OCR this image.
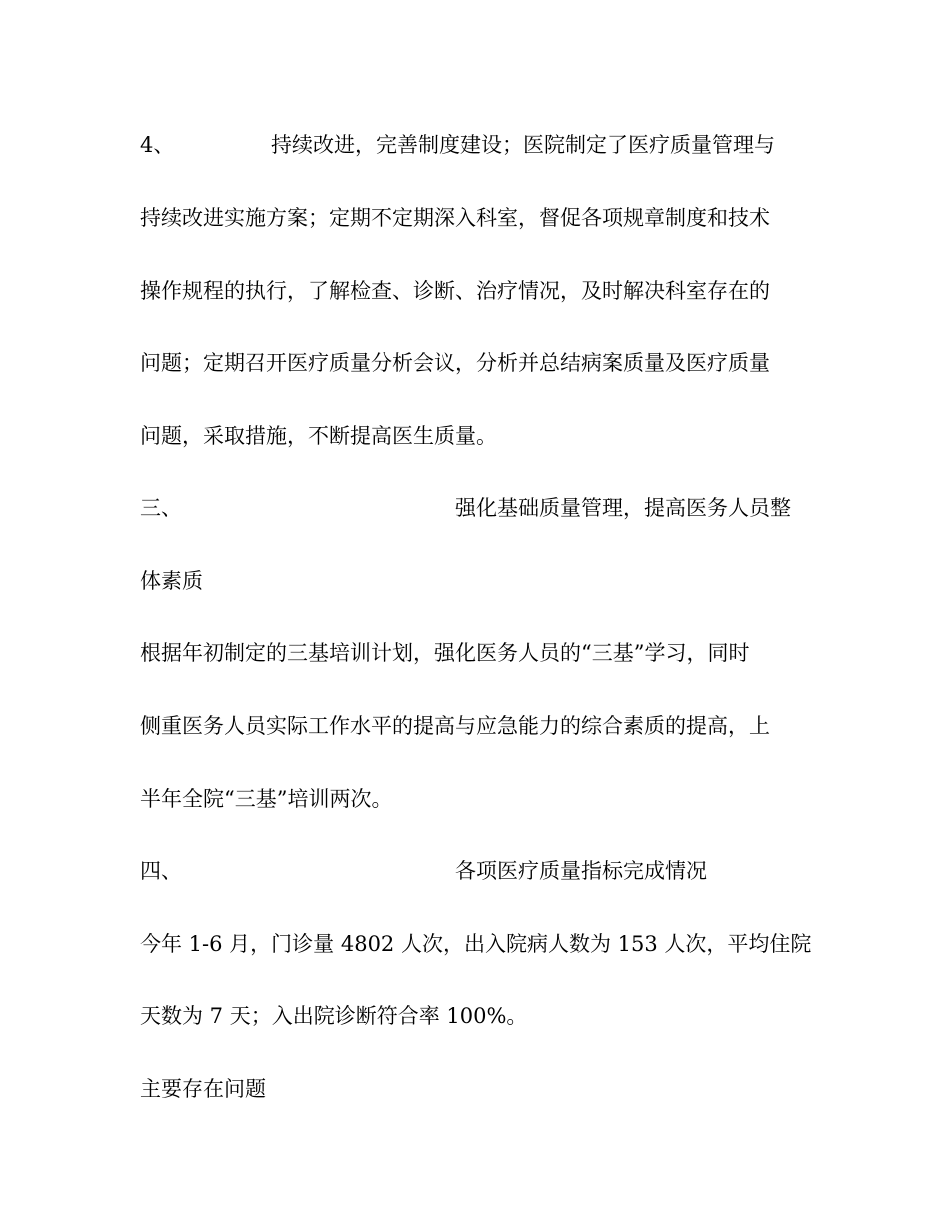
4、	持续改进，完善制度建设；医院制定了医疗质量管理与
持续改进实施方案；定期不定期深入科室，督促各项规章制度和技术
操作规程的执行，了解检查、诊断、治疗情况，及时解决科室存在的
问题；定期召开医疗质量分析会议，分析并总结病案质量及医疗质量
问题，采取措施，不断提高医生质量。
三、	强化基础质量管理，提高医务人员整
体素质
根据年初制定的三基培训计划，强化医务人员的“三基”学习，同时
侧重医务人员实际工作水平的提高与应急能力的综合素质的提高，上
半年全院“三基”培训两次。
四、	各项医疗质量指标完成情况
今年 1-6 月，门诊量 4802 人次，出入院病人数为 153 人次，平均住院
天数为 7 天；入出院诊断符合率 100%。
主要存在问题
